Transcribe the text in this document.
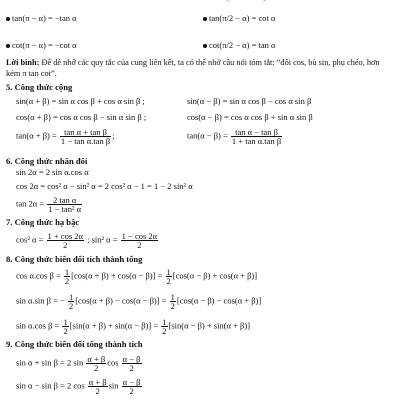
tan(π − α) = −tan α	tan(π/2 − α) = cot α
cot(π − α) = −cot α	cot(π/2 − α) = tan α
Lời bình: Để dễ nhớ các quy tắc của cung liên kết, ta có thể nhớ câu nói tóm tắt: “đối cos, bù sin, phụ chéo, hơn kém π tan cot”.
5. Công thức cộng
sin(α + β) = sin α cos β + cos α sin β ;	sin(α − β) = sin α cos β − cos α sin β
cos(α + β) = cos α cos β − sin α sin β ;	cos(α − β) = cos α cos β + sin α sin β
$\tan(\alpha + \beta) = \frac{\text{tan α + tan β}}{\text{1 − tan α.tan β}}$ ;	$\tan(\alpha - \beta) = \frac{\text{tan α − tan β}}{\text{1 + tan α.tan β}}$
6. Công thức nhân đôi
sin 2α = 2 sin α.cos α
cos 2α = cos² α − sin² α = 2 cos² α − 1 = 1 − 2 sin² α
$\tan 2\alpha = \frac{\text{2 tan α}}{\text{1 − tan² α}}$
7. Công thức hạ bậc
cos² $\alpha = \frac{1 + \cos 2\alpha}{2}$ ; sin² $\alpha = \frac{1 - \cos 2\alpha}{2}$
8. Công thức biến đổi tích thành tổng
cos α.cos $\beta = \frac{1}{2} [\cos(\alpha + \beta) + \cos(\alpha - \beta)] = \frac{1}{2} [\cos(\alpha - \beta) + \cos(\alpha + \beta)]$
sin α.sin β = − $\frac{1}{2} [\cos(\alpha + \beta) - \cos(\alpha - \beta)] = \frac{1}{2} [\cos(\alpha - \beta) - \cos(\alpha + \beta)]$
sin α.cos $\beta = \frac{1}{2} [\sin(\alpha + \beta) + \sin(\alpha - \beta)] = \frac{1}{2} [\sin(\alpha - \beta) + \sin(\alpha + \beta)]$
9. Công thức biến đổi tổng thành tích
sin α + sin β = 2 $\sin \frac{\alpha + \beta}{2}$ $\cos \frac{\alpha - \beta}{2}$
sin α − sin β = 2 $\cos \frac{\alpha + \beta}{2}$ $\sin \frac{\alpha - \beta}{2}$
